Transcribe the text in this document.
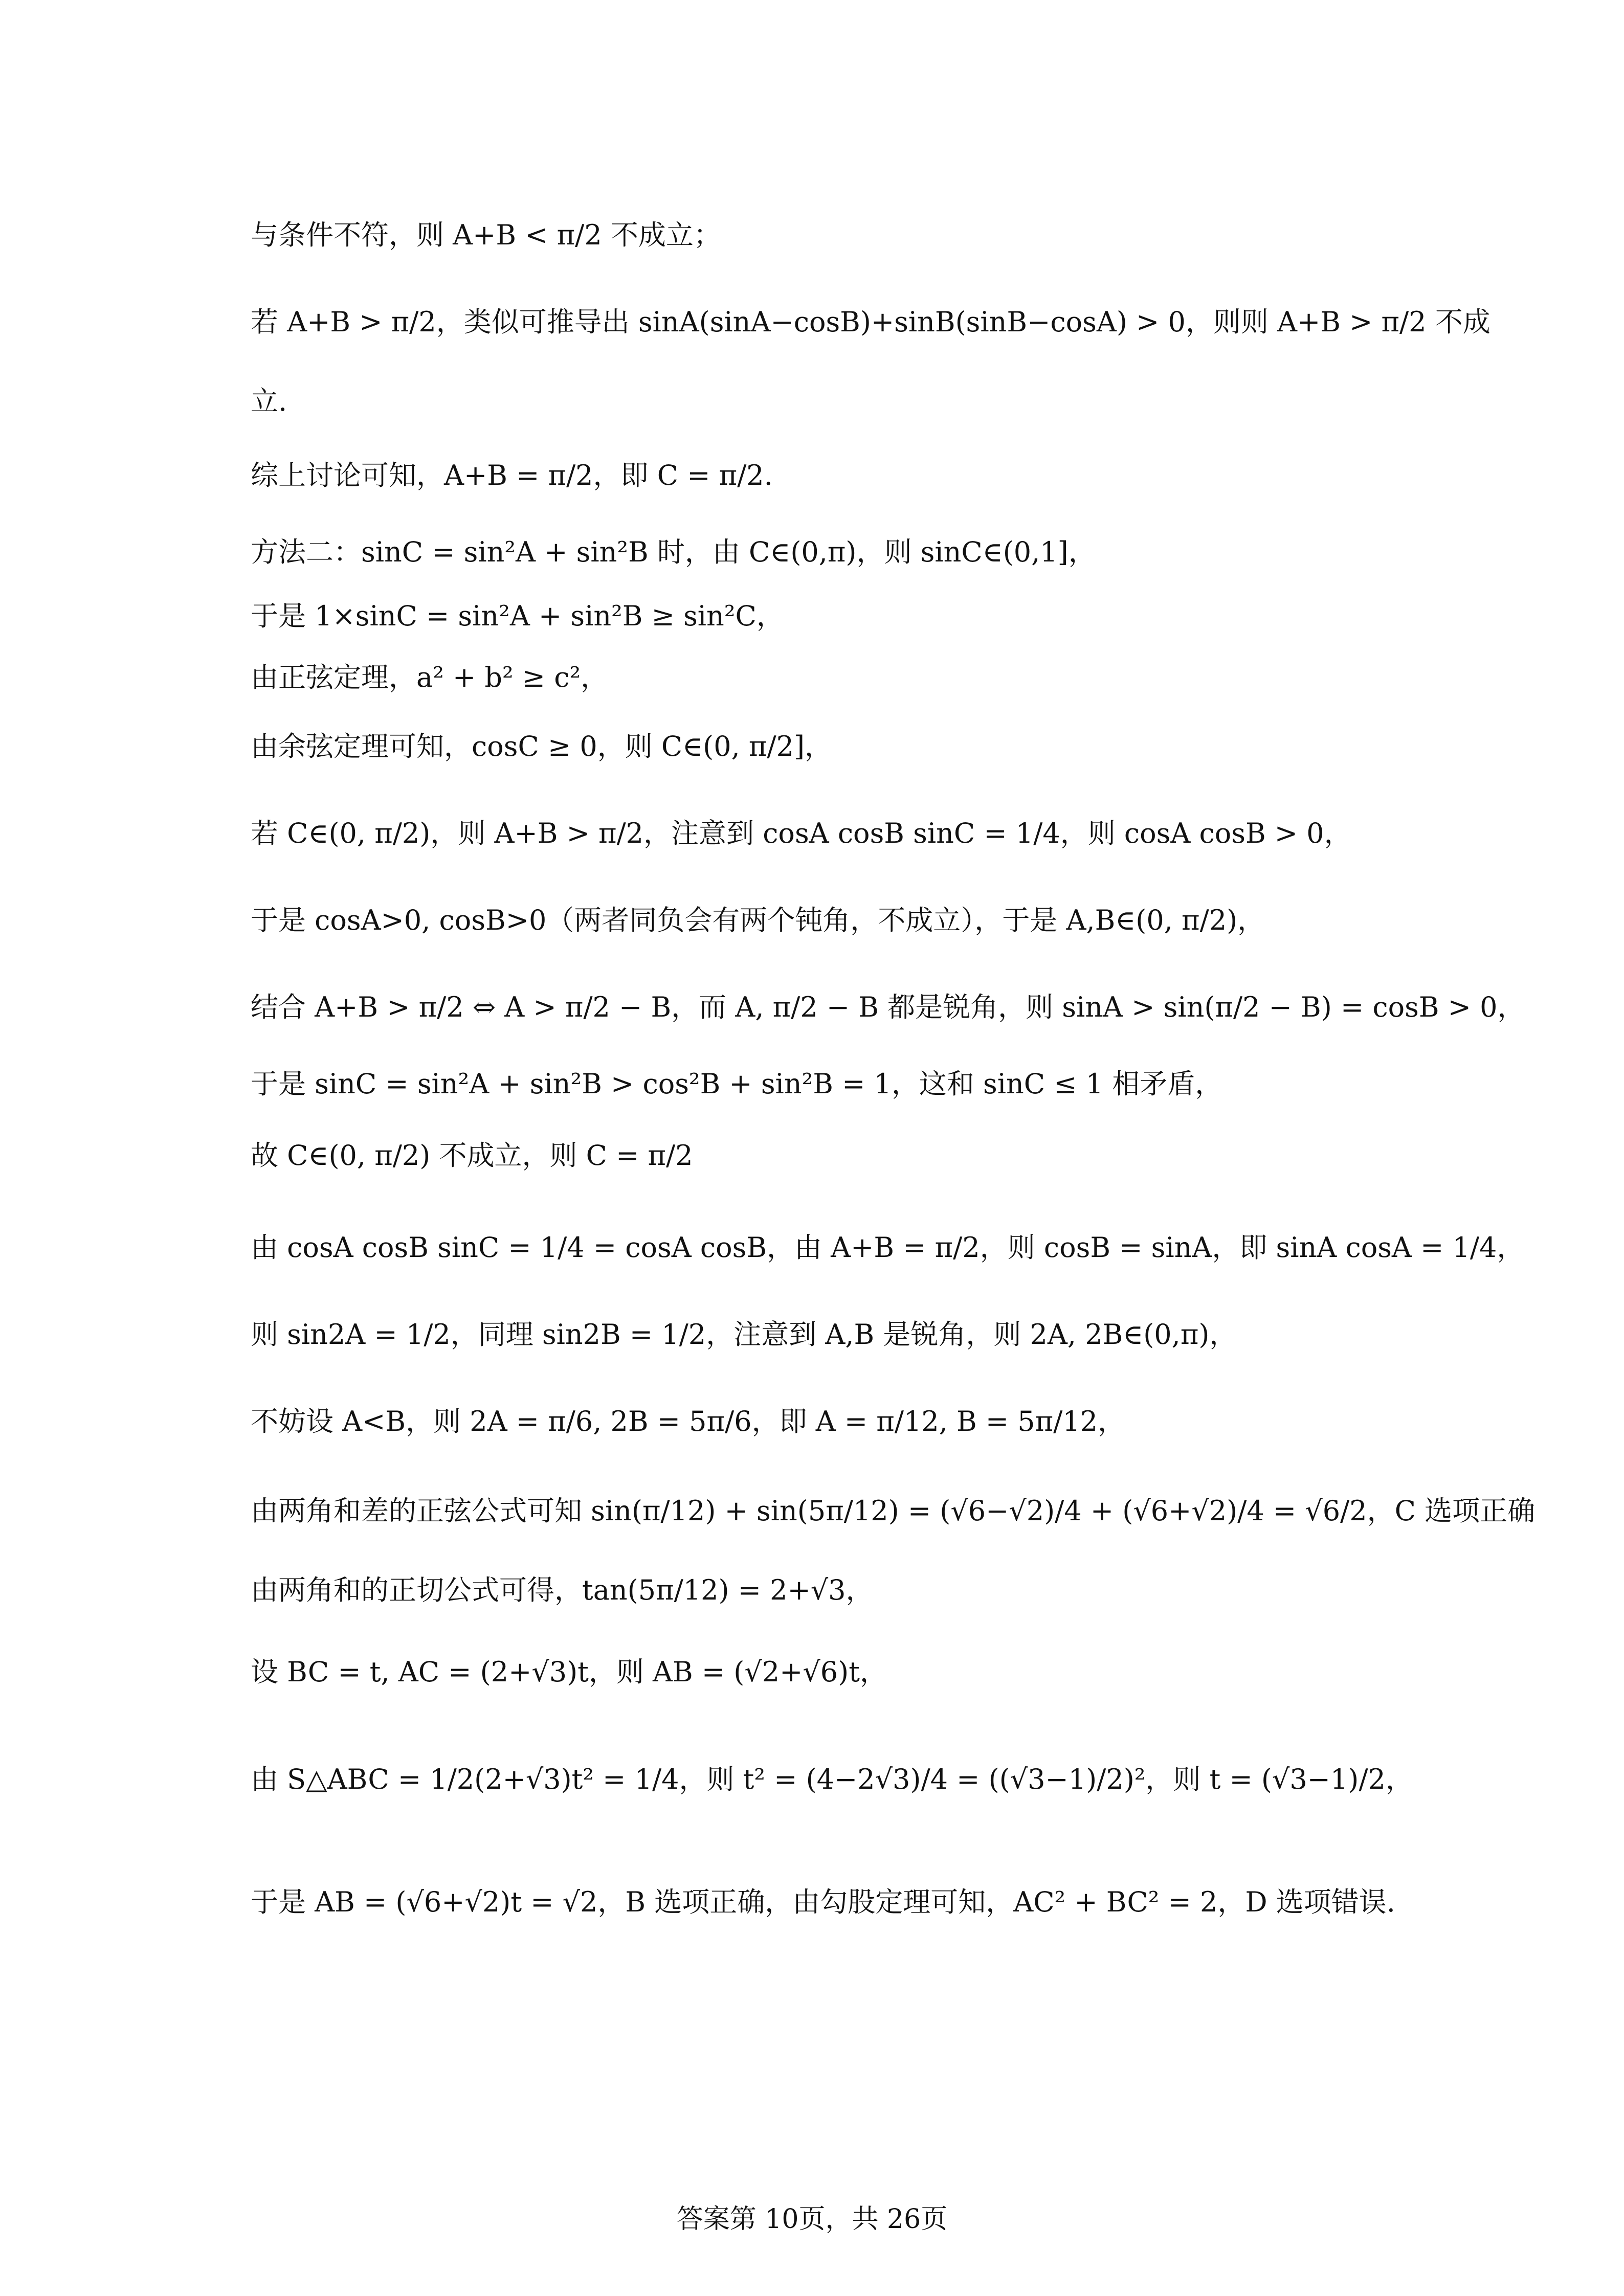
与条件不符，则 A+B < π/2 不成立；
若 A+B > π/2，类似可推导出 sinA(sinA−cosB)+sinB(sinB−cosA) > 0，则则 A+B > π/2 不成
立.
综上讨论可知，A+B = π/2，即 C = π/2.
方法二：sinC = sin²A + sin²B 时，由 C∈(0,π)，则 sinC∈(0,1]，
于是 1×sinC = sin²A + sin²B ≥ sin²C，
由正弦定理，a² + b² ≥ c²，
由余弦定理可知，cosC ≥ 0，则 C∈(0, π/2]，
若 C∈(0, π/2)，则 A+B > π/2，注意到 cosA cosB sinC = 1/4，则 cosA cosB > 0，
于是 cosA>0, cosB>0（两者同负会有两个钝角，不成立），于是 A,B∈(0, π/2)，
结合 A+B > π/2 ⇔ A > π/2 − B，而 A, π/2 − B 都是锐角，则 sinA > sin(π/2 − B) = cosB > 0，
于是 sinC = sin²A + sin²B > cos²B + sin²B = 1，这和 sinC ≤ 1 相矛盾，
故 C∈(0, π/2) 不成立，则 C = π/2
由 cosA cosB sinC = 1/4 = cosA cosB，由 A+B = π/2，则 cosB = sinA，即 sinA cosA = 1/4，
则 sin2A = 1/2，同理 sin2B = 1/2，注意到 A,B 是锐角，则 2A, 2B∈(0,π)，
不妨设 A<B，则 2A = π/6, 2B = 5π/6，即 A = π/12, B = 5π/12，
由两角和差的正弦公式可知 sin(π/12) + sin(5π/12) = (√6−√2)/4 + (√6+√2)/4 = √6/2，C 选项正确
由两角和的正切公式可得，tan(5π/12) = 2+√3，
设 BC = t, AC = (2+√3)t，则 AB = (√2+√6)t，
由 S△ABC = 1/2(2+√3)t² = 1/4，则 t² = (4−2√3)/4 = ((√3−1)/2)²，则 t = (√3−1)/2，
于是 AB = (√6+√2)t = √2，B 选项正确，由勾股定理可知，AC² + BC² = 2，D 选项错误.
答案第 10页，共 26页
